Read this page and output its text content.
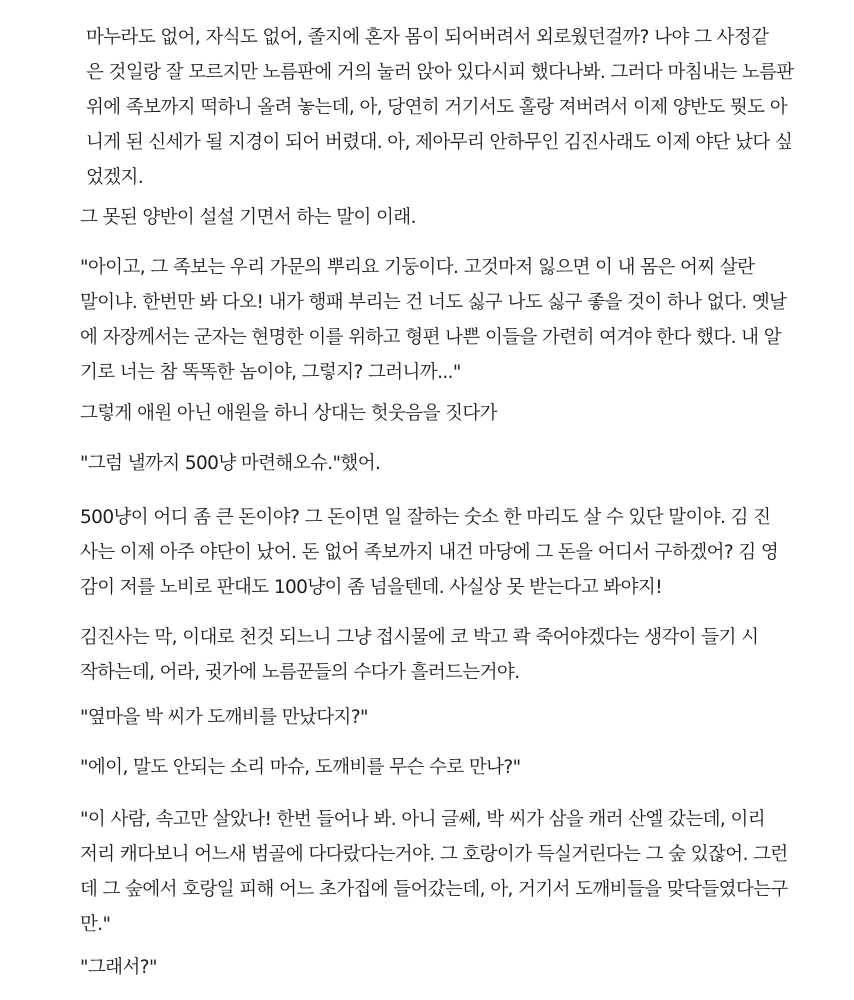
마누라도 없어, 자식도 없어, 졸지에 혼자 몸이 되어버려서 외로웠던걸까? 나야 그 사정같
은 것일랑 잘 모르지만 노름판에 거의 눌러 앉아 있다시피 했다나봐. 그러다 마침내는 노름판
위에 족보까지 떡하니 올려 놓는데, 아, 당연히 거기서도 홀랑 져버려서 이제 양반도 뭣도 아
니게 된 신세가 될 지경이 되어 버렸대. 아, 제아무리 안하무인 김진사래도 이제 야단 났다 싶
었겠지.
그 못된 양반이 설설 기면서 하는 말이 이래.
"아이고, 그 족보는 우리 가문의 뿌리요 기둥이다. 고것마저 잃으면 이 내 몸은 어찌 살란
말이냐. 한번만 봐 다오! 내가 행패 부리는 건 너도 싫구 나도 싫구 좋을 것이 하나 없다. 옛날
에 자장께서는 군자는 현명한 이를 위하고 형편 나쁜 이들을 가련히 여겨야 한다 했다. 내 알
기로 너는 참 똑똑한 놈이야, 그렇지? 그러니까..."
그렇게 애원 아닌 애원을 하니 상대는 헛웃음을 짓다가
"그럼 낼까지 500냥 마련해오슈."했어.
500냥이 어디 좀 큰 돈이야? 그 돈이면 일 잘하는 숫소 한 마리도 살 수 있단 말이야. 김 진
사는 이제 아주 야단이 났어. 돈 없어 족보까지 내건 마당에 그 돈을 어디서 구하겠어? 김 영
감이 저를 노비로 판대도 100냥이 좀 넘을텐데. 사실상 못 받는다고 봐야지!
김진사는 막, 이대로 천것 되느니 그냥 접시물에 코 박고 콱 죽어야겠다는 생각이 들기 시
작하는데, 어라, 귓가에 노름꾼들의 수다가 흘러드는거야.
"옆마을 박 씨가 도깨비를 만났다지?"
"에이, 말도 안되는 소리 마슈, 도깨비를 무슨 수로 만나?"
"이 사람, 속고만 살았나! 한번 들어나 봐. 아니 글쎄, 박 씨가 삼을 캐러 산엘 갔는데, 이리
저리 캐다보니 어느새 범골에 다다랐다는거야. 그 호랑이가 득실거린다는 그 숲 있잖어. 그런
데 그 숲에서 호랑일 피해 어느 초가집에 들어갔는데, 아, 거기서 도깨비들을 맞닥들였다는구
만."
"그래서?"
